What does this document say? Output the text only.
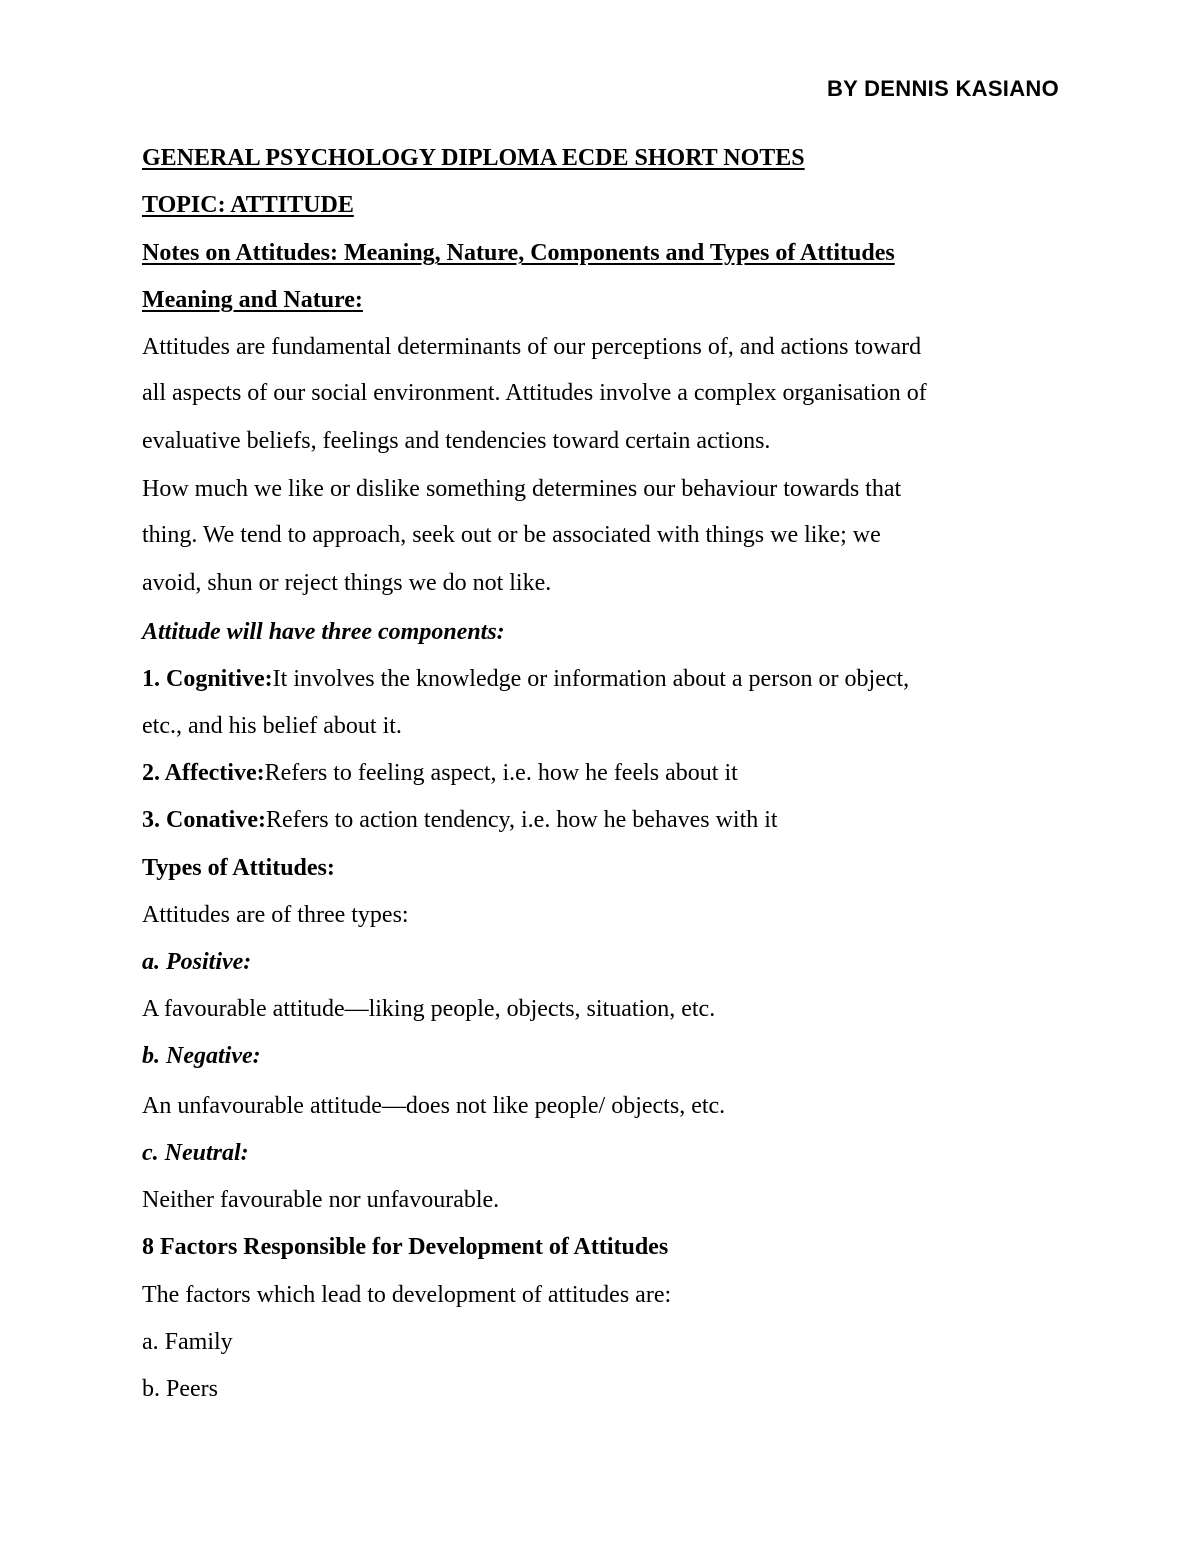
BY DENNIS KASIANO

GENERAL PSYCHOLOGY DIPLOMA ECDE SHORT NOTES

TOPIC: ATTITUDE

Notes on Attitudes: Meaning, Nature, Components and Types of Attitudes

Meaning and Nature:

Attitudes are fundamental determinants of our perceptions of, and actions toward

all aspects of our social environment. Attitudes involve a complex organisation of

evaluative beliefs, feelings and tendencies toward certain actions.

How much we like or dislike something determines our behaviour towards that

thing. We tend to approach, seek out or be associated with things we like; we

avoid, shun or reject things we do not like.

Attitude will have three components:

1. Cognitive:It involves the knowledge or information about a person or object,

etc., and his belief about it.

2. Affective:Refers to feeling aspect, i.e. how he feels about it

3. Conative:Refers to action tendency, i.e. how he behaves with it

Types of Attitudes:

Attitudes are of three types:

a. Positive:

A favourable attitude—liking people, objects, situation, etc.

b. Negative:

An unfavourable attitude—does not like people/ objects, etc.

c. Neutral:

Neither favourable nor unfavourable.

8 Factors Responsible for Development of Attitudes

The factors which lead to development of attitudes are:

a. Family

b. Peers
